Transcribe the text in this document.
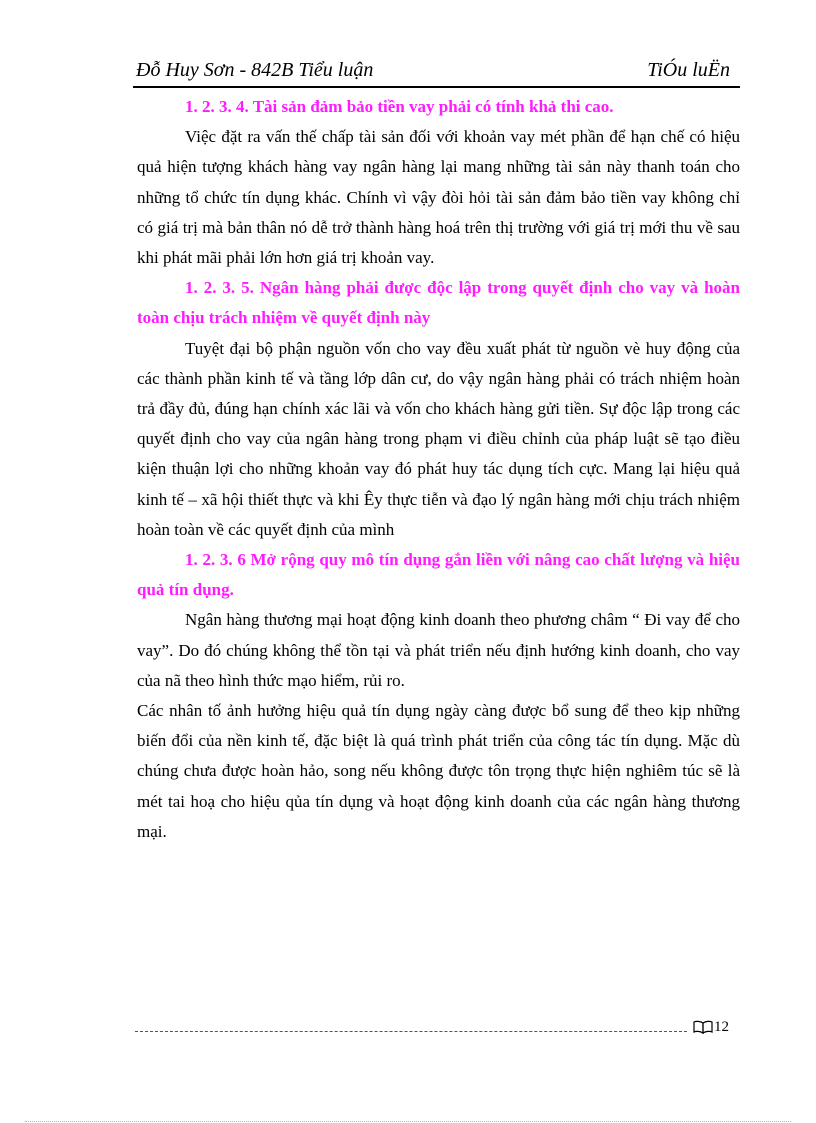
Đỗ Huy Sơn - 842B Tiểu luận	TiÓu luËn

1. 2. 3. 4. Tài sản đảm bảo tiền vay phải có tính khả thi cao.

Việc đặt ra vấn thế chấp tài sản đối với khoản vay mét phần để hạn chế có hiệu quả hiện tượng khách hàng vay ngân hàng lại mang những tài sản này thanh toán cho những tổ chức tín dụng khác. Chính vì vậy đòi hỏi tài sản đảm bảo tiền vay không chỉ có giá trị mà bản thân nó dễ trở thành hàng hoá trên thị trường với giá trị mới thu về sau khi phát mãi phải lớn hơn giá trị khoản vay.

1. 2. 3. 5. Ngân hàng phải được độc lập trong quyết định cho vay và hoàn toàn chịu trách nhiệm về quyết định này

Tuyệt đại bộ phận nguồn vốn cho vay đều xuất phát từ nguồn vè huy động của các thành phần kinh tế và tầng lớp dân cư, do vậy ngân hàng phải có trách nhiệm hoàn trả đầy đủ, đúng hạn chính xác lãi và vốn cho khách hàng gửi tiền. Sự độc lập trong các quyết định cho vay của ngân hàng trong phạm vi điều chỉnh của pháp luật sẽ tạo điều kiện thuận lợi cho những khoản vay đó phát huy tác dụng tích cực. Mang lại hiệu quả kinh tế – xã hội thiết thực và khi Êy thực tiễn và đạo lý ngân hàng mới chịu trách nhiệm hoàn toàn về các quyết định của mình

1. 2. 3. 6 Mở rộng quy mô tín dụng gắn liền với nâng cao chất lượng và hiệu quả tín dụng.

Ngân hàng thương mại hoạt động kinh doanh theo phương châm “ Đi vay để cho vay”. Do đó chúng không thể tồn tại và phát triển nếu định hướng kinh doanh, cho vay của nã theo hình thức mạo hiểm, rủi ro.

Các nhân tố ảnh hưởng hiệu quả tín dụng ngày càng được bổ sung để theo kịp những biến đổi của nền kinh tế, đặc biệt là quá trình phát triển của công tác tín dụng. Mặc dù chúng chưa được hoàn hảo, song nếu không được tôn trọng thực hiện nghiêm túc sẽ là mét tai hoạ cho hiệu qủa tín dụng và hoạt động kinh doanh của các ngân hàng thương mại.

12
